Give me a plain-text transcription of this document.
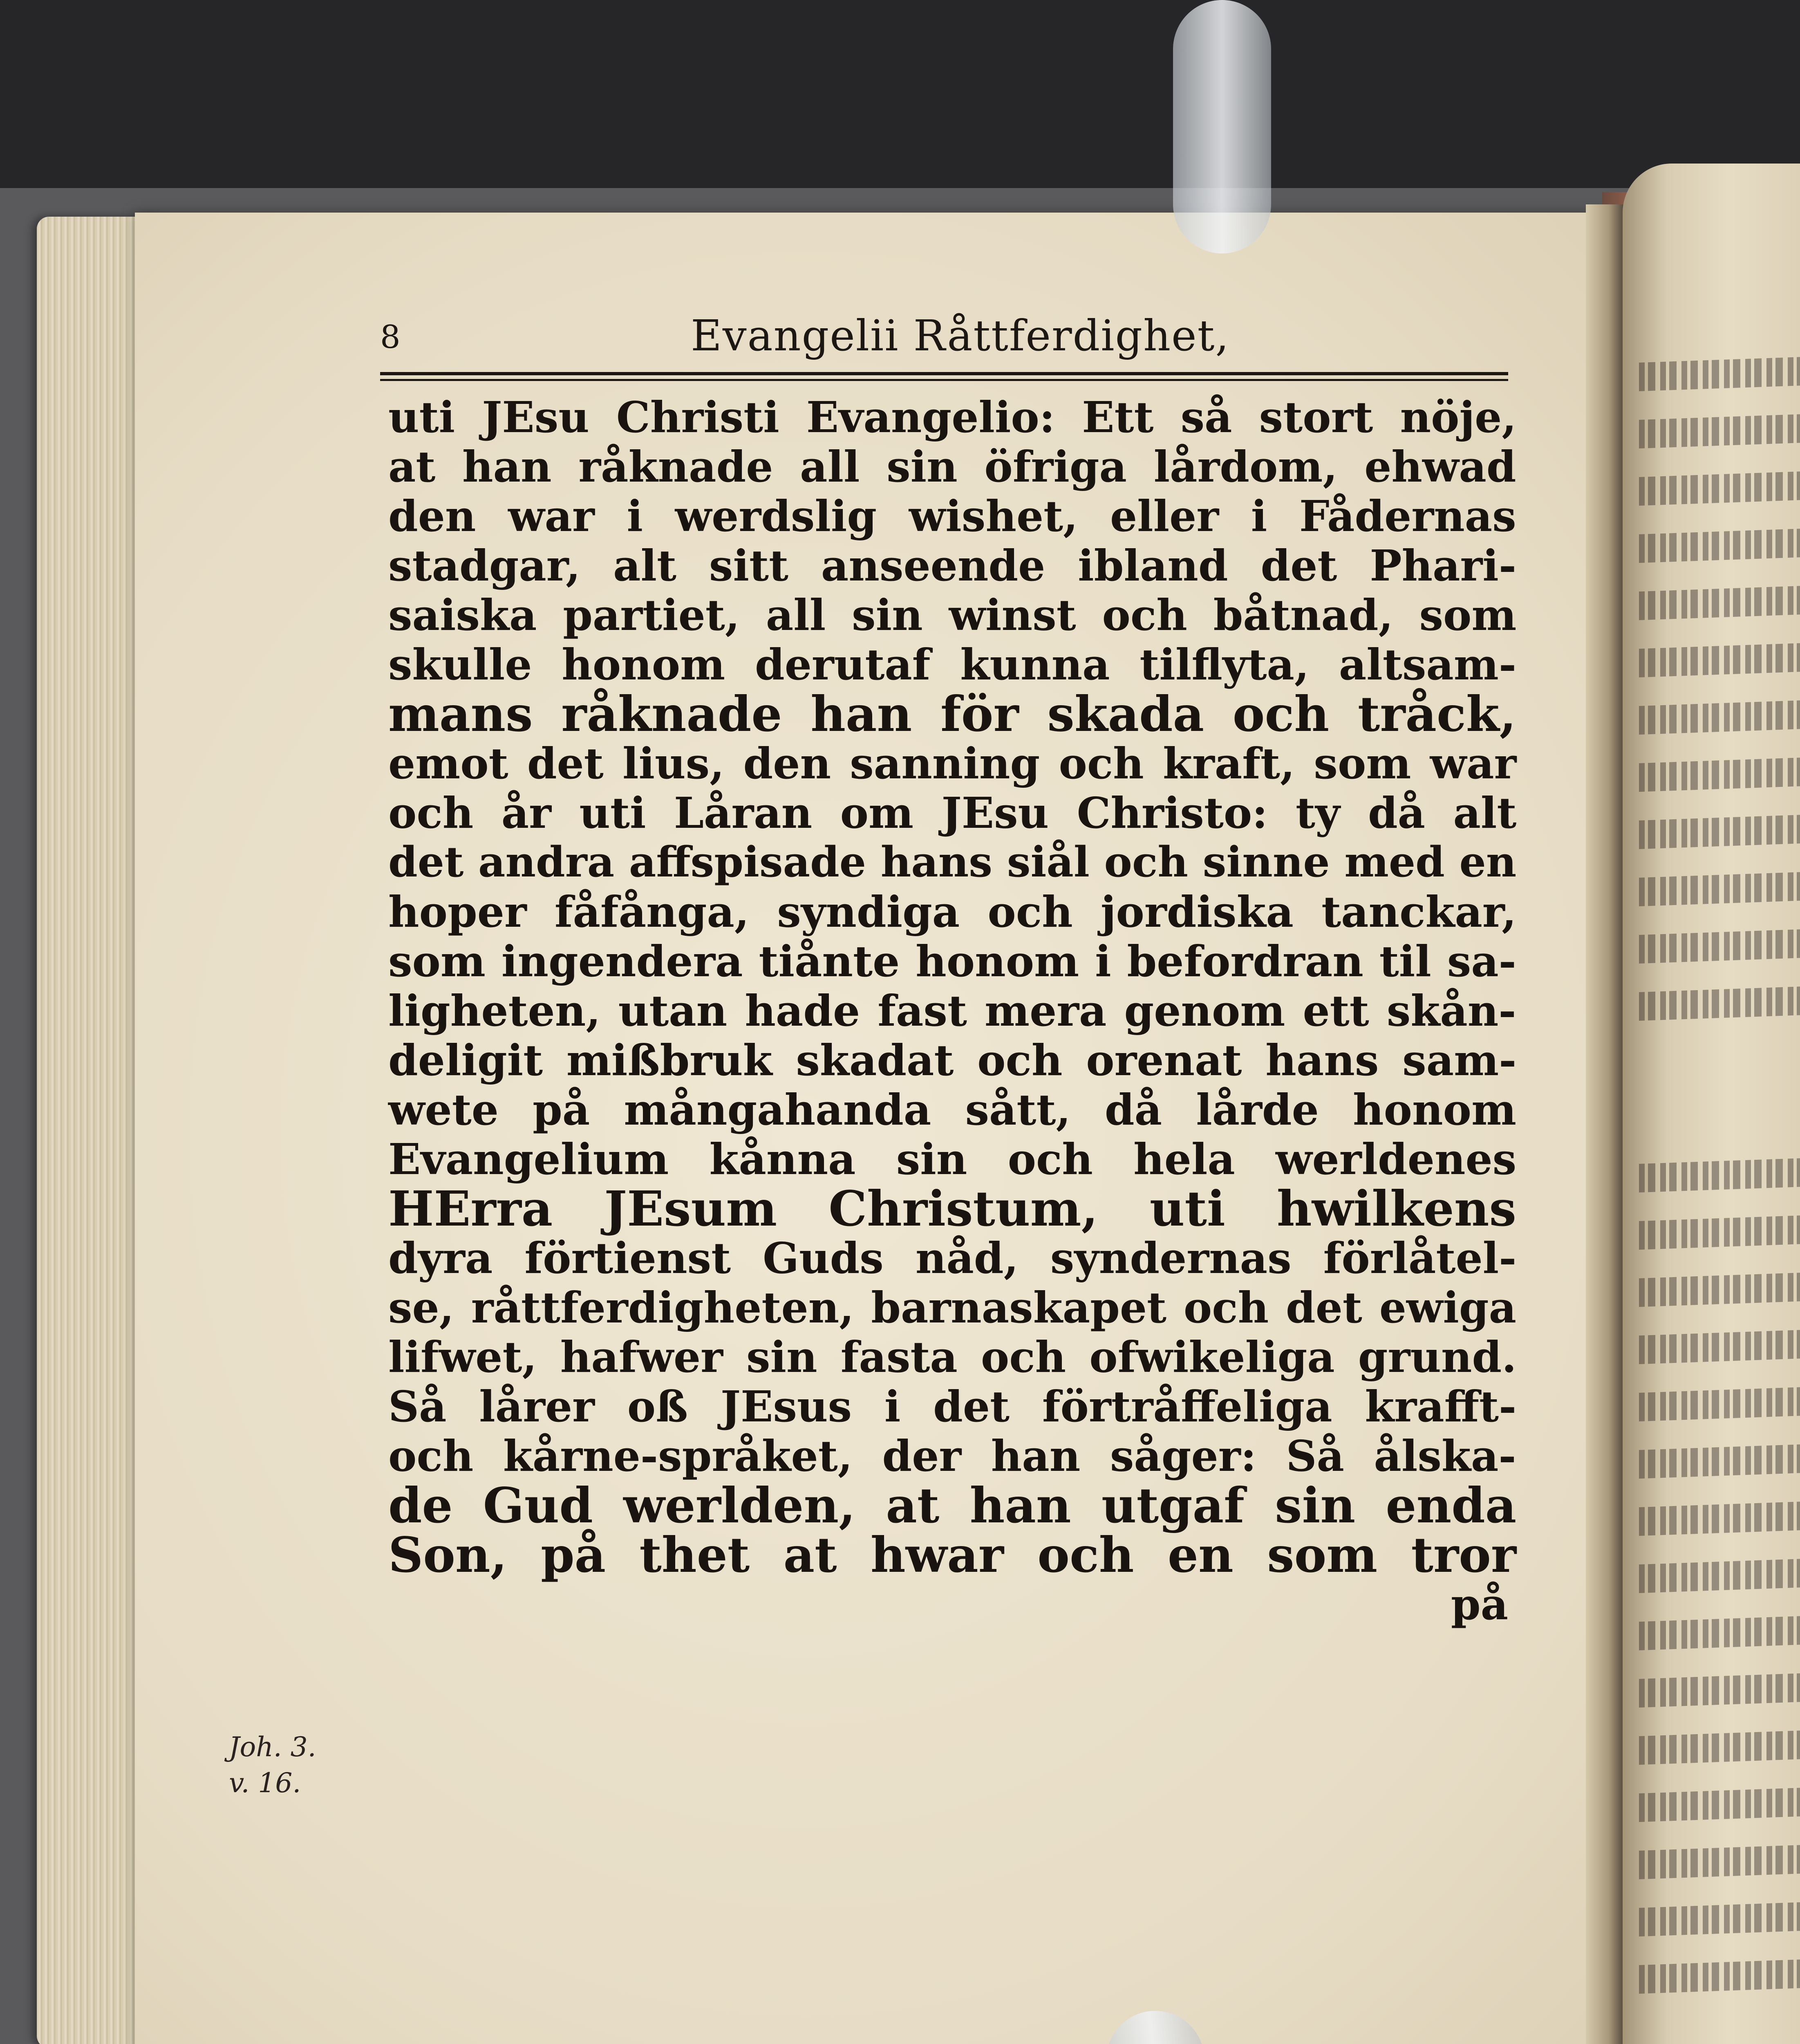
8	Evangelii Råttferdighet,
uti JEsu Christi Evangelio: Ett så stort nöje,
at han råknade all sin öfriga lårdom, ehwad
den war i werdslig wishet, eller i Fådernas
stadgar, alt sitt anseende ibland det Phari-
saiska partiet, all sin winst och båtnad, som
skulle honom derutaf kunna tilflyta, altsam-
mans råknade han för skada och tråck,
emot det lius, den sanning och kraft, som war
och år uti Låran om JEsu Christo: ty då alt
det andra affspisade hans siål och sinne med en
hoper fåfånga, syndiga och jordiska tanckar,
som ingendera tiånte honom i befordran til sa-
ligheten, utan hade fast mera genom ett skån-
deligit mißbruk skadat och orenat hans sam-
wete på mångahanda sått, då lårde honom
Evangelium kånna sin och hela werldenes
HErra JEsum Christum, uti hwilkens
dyra förtienst Guds nåd, syndernas förlåtel-
se, råttferdigheten, barnaskapet och det ewiga
lifwet, hafwer sin fasta och ofwikeliga grund.
Så lårer oß JEsus i det förtråffeliga krafft-
och kårne-språket, der han såger: Så ålska-
de Gud werlden, at han utgaf sin enda
Son, på thet at hwar och en som tror
på
Joh. 3.
v. 16.
